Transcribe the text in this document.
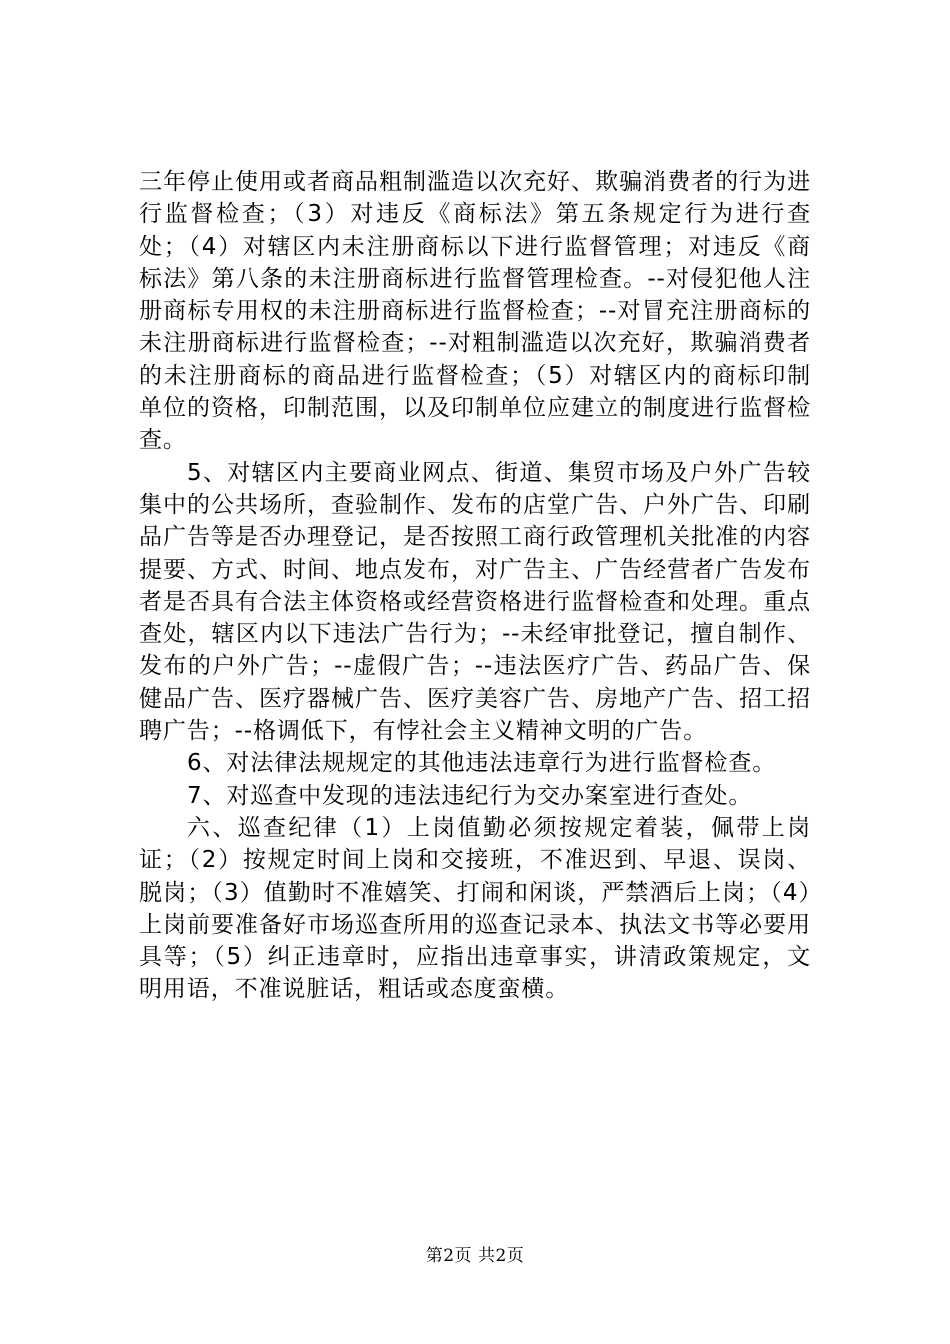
三年停止使用或者商品粗制滥造以次充好、欺骗消费者的行为进行监督检查；（3）对违反《商标法》第五条规定行为进行查处；（4）对辖区内未注册商标以下进行监督管理；对违反《商标法》第八条的未注册商标进行监督管理检查。--对侵犯他人注册商标专用权的未注册商标进行监督检查；--对冒充注册商标的未注册商标进行监督检查；--对粗制滥造以次充好，欺骗消费者的未注册商标的商品进行监督检查；（5）对辖区内的商标印制单位的资格，印制范围，以及印制单位应建立的制度进行监督检查。

5、对辖区内主要商业网点、街道、集贸市场及户外广告较集中的公共场所，查验制作、发布的店堂广告、户外广告、印刷品广告等是否办理登记，是否按照工商行政管理机关批准的内容提要、方式、时间、地点发布，对广告主、广告经营者广告发布者是否具有合法主体资格或经营资格进行监督检查和处理。重点查处，辖区内以下违法广告行为；--未经审批登记，擅自制作、发布的户外广告；--虚假广告；--违法医疗广告、药品广告、保健品广告、医疗器械广告、医疗美容广告、房地产广告、招工招聘广告；--格调低下，有悖社会主义精神文明的广告。

6、对法律法规规定的其他违法违章行为进行监督检查。

7、对巡查中发现的违法违纪行为交办案室进行查处。

六、巡查纪律（1）上岗值勤必须按规定着装，佩带上岗证；（2）按规定时间上岗和交接班，不准迟到、早退、误岗、脱岗；（3）值勤时不准嬉笑、打闹和闲谈，严禁酒后上岗；（4）上岗前要准备好市场巡查所用的巡查记录本、执法文书等必要用具等；（5）纠正违章时，应指出违章事实，讲清政策规定，文明用语，不准说脏话，粗话或态度蛮横。

第2页 共2页
